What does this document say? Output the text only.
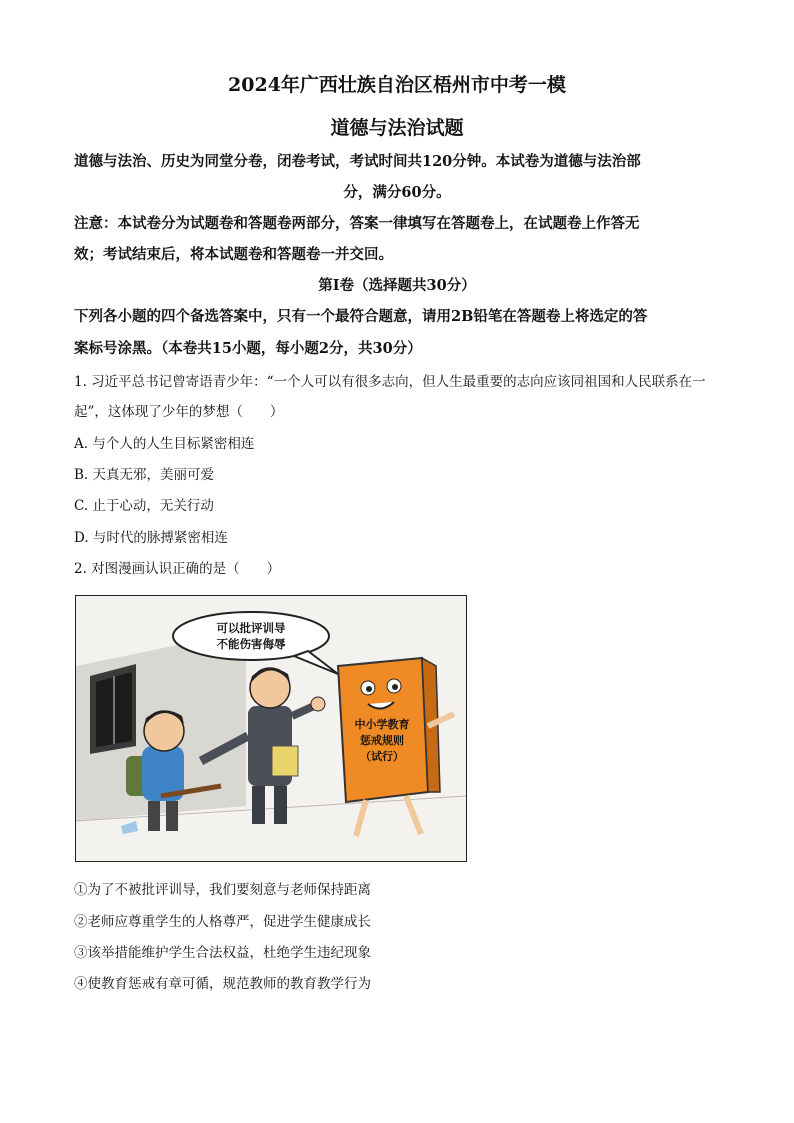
2024年广西壮族自治区梧州市中考一模
道德与法治试题
道德与法治、历史为同堂分卷，闭卷考试，考试时间共120分钟。本试卷为道德与法治部
分，满分60分。
注意：本试卷分为试题卷和答题卷两部分，答案一律填写在答题卷上，在试题卷上作答无
效；考试结束后，将本试题卷和答题卷一并交回。
第Ⅰ卷（选择题共30分）
下列各小题的四个备选答案中，只有一个最符合题意，请用2B铅笔在答题卷上将选定的答
案标号涂黑。（本卷共15小题，每小题2分，共30分）
1. 习近平总书记曾寄语青少年：“一个人可以有很多志向，但人生最重要的志向应该同祖国和人民联系在一
起”，这体现了少年的梦想（　　）
A. 与个人的人生目标紧密相连
B. 天真无邪，美丽可爱
C. 止于心动，无关行动
D. 与时代的脉搏紧密相连
2. 对图漫画认识正确的是（　　）
可以批评训导
不能伤害侮辱
中小学教育
惩戒规则
（试行）
①为了不被批评训导，我们要刻意与老师保持距离
②老师应尊重学生的人格尊严，促进学生健康成长
③该举措能维护学生合法权益，杜绝学生违纪现象
④使教育惩戒有章可循，规范教师的教育教学行为
